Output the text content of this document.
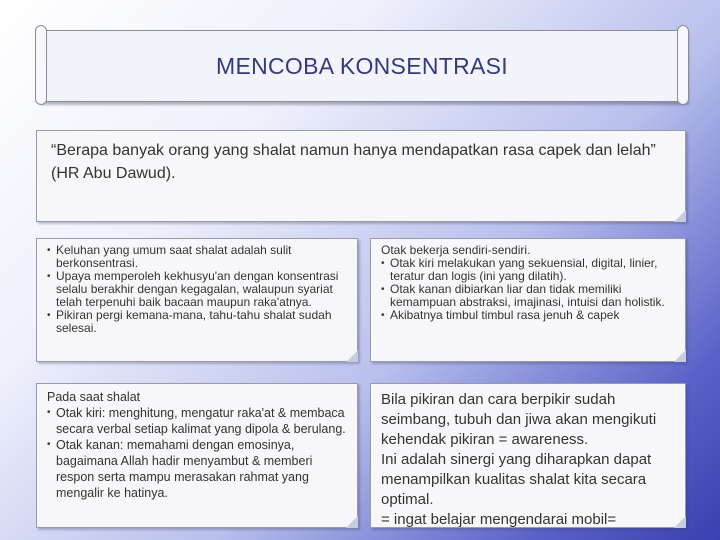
MENCOBA KONSENTRASI
“Berapa banyak orang yang shalat namun hanya mendapatkan rasa capek dan lelah” (HR Abu Dawud).
• Keluhan yang umum saat shalat adalah sulit berkonsentrasi.
• Upaya memperoleh kekhusyu'an dengan konsentrasi selalu berakhir dengan kegagalan, walaupun syariat telah terpenuhi baik bacaan maupun raka'atnya.
• Pikiran pergi kemana-mana, tahu-tahu shalat sudah selesai.
Otak bekerja sendiri-sendiri.
• Otak kiri melakukan yang sekuensial, digital, linier, teratur dan logis (ini yang dilatih).
• Otak kanan dibiarkan liar dan tidak memiliki kemampuan abstraksi, imajinasi, intuisi dan holistik.
• Akibatnya timbul timbul rasa jenuh & capek
Pada saat shalat
• Otak kiri: menghitung, mengatur raka'at & membaca secara verbal setiap kalimat yang dipola & berulang.
• Otak kanan: memahami dengan emosinya, bagaimana Allah hadir menyambut & memberi respon serta mampu merasakan rahmat yang mengalir ke hatinya.
Bila pikiran dan cara berpikir sudah seimbang, tubuh dan jiwa akan mengikuti kehendak pikiran = awareness.
Ini adalah sinergi yang diharapkan dapat menampilkan kualitas shalat kita secara optimal.
= ingat belajar mengendarai mobil=
